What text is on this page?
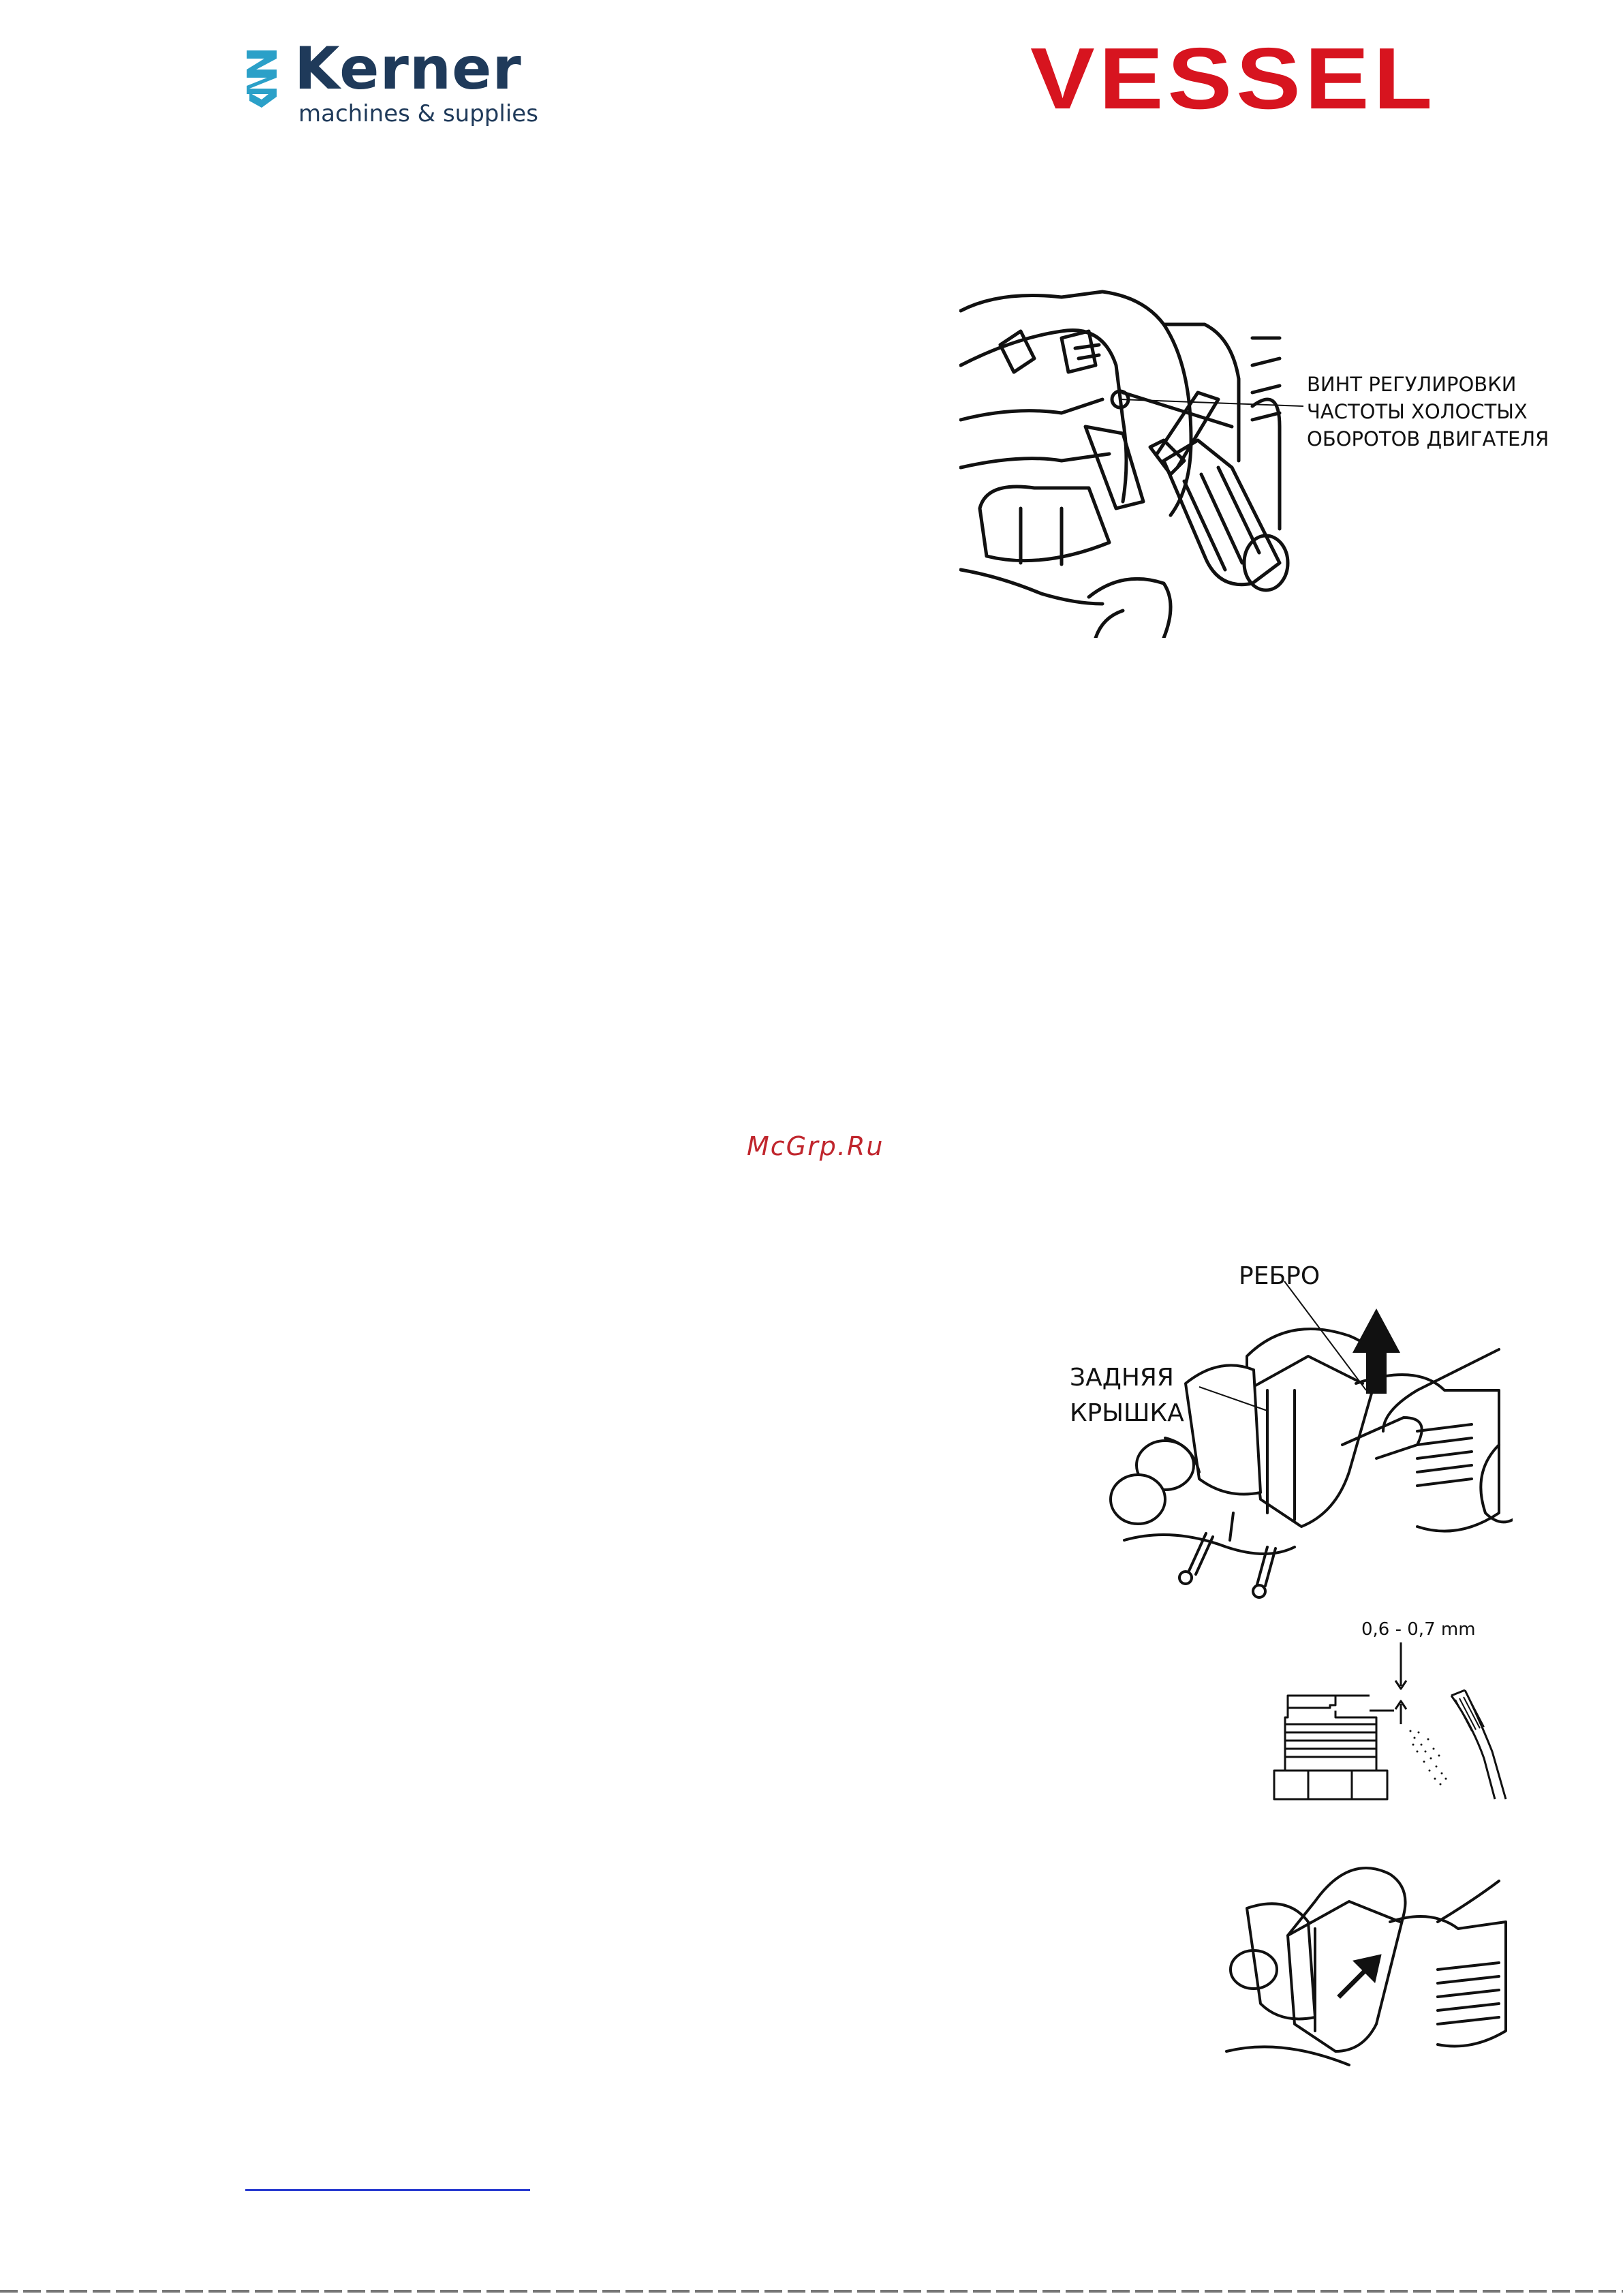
Kerner
machines & supplies	VESSEL
ВИНТ РЕГУЛИРОВКИ
ЧАСТОТЫ ХОЛОСТЫХ
ОБОРОТОВ ДВИГАТЕЛЯ
McGrp.Ru
РЕБРО
ЗАДНЯЯ
КРЫШКА
0,6 - 0,7 mm
